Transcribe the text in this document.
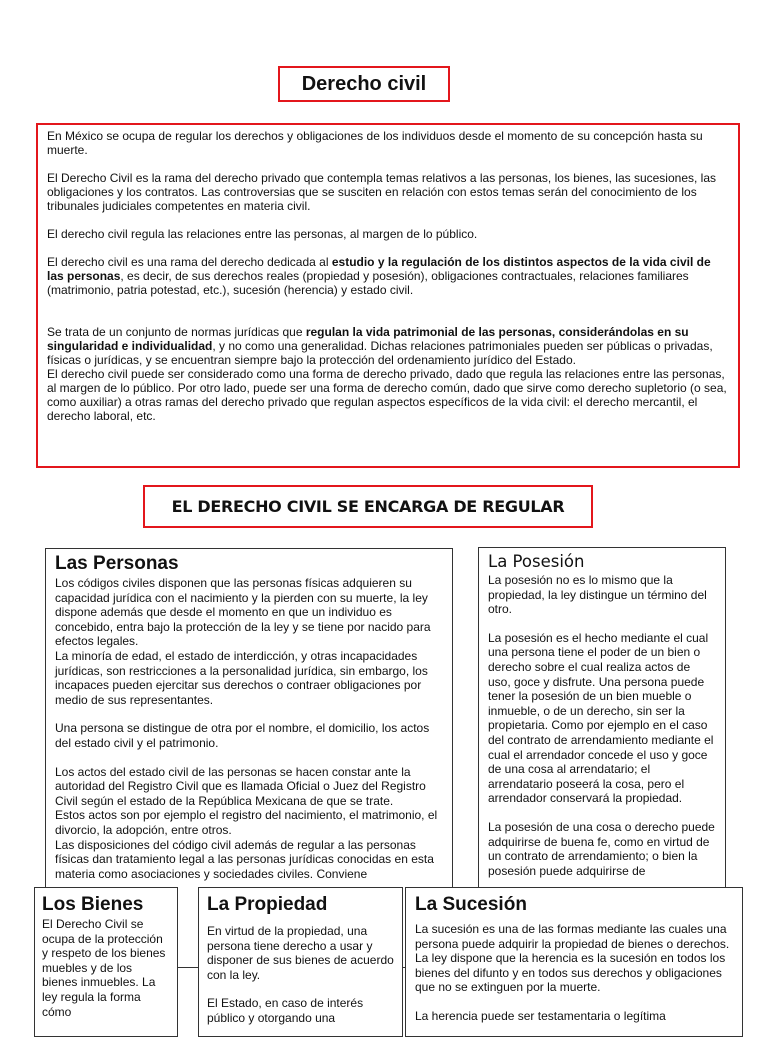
Derecho civil

En México se ocupa de regular los derechos y obligaciones de los individuos desde el momento de su concepción hasta su muerte.

El Derecho Civil es la rama del derecho privado que contempla temas relativos a las personas, los bienes, las sucesiones, las obligaciones y los contratos. Las controversias que se susciten en relación con estos temas serán del conocimiento de los tribunales judiciales competentes en materia civil.

El derecho civil regula las relaciones entre las personas, al margen de lo público.

El derecho civil es una rama del derecho dedicada al estudio y la regulación de los distintos aspectos de la vida civil de las personas, es decir, de sus derechos reales (propiedad y posesión), obligaciones contractuales, relaciones familiares (matrimonio, patria potestad, etc.), sucesión (herencia) y estado civil.

Se trata de un conjunto de normas jurídicas que regulan la vida patrimonial de las personas, considerándolas en su singularidad e individualidad, y no como una generalidad. Dichas relaciones patrimoniales pueden ser públicas o privadas, físicas o jurídicas, y se encuentran siempre bajo la protección del ordenamiento jurídico del Estado.
El derecho civil puede ser considerado como una forma de derecho privado, dado que regula las relaciones entre las personas, al margen de lo público. Por otro lado, puede ser una forma de derecho común, dado que sirve como derecho supletorio (o sea, como auxiliar) a otras ramas del derecho privado que regulan aspectos específicos de la vida civil: el derecho mercantil, el derecho laboral, etc.

EL DERECHO CIVIL SE ENCARGA DE REGULAR
Las Personas

Los códigos civiles disponen que las personas físicas adquieren su capacidad jurídica con el nacimiento y la pierden con su muerte, la ley dispone además que desde el momento en que un individuo es concebido, entra bajo la protección de la ley y se tiene por nacido para efectos legales.

La minoría de edad, el estado de interdicción, y otras incapacidades jurídicas, son restricciones a la personalidad jurídica, sin embargo, los incapaces pueden ejercitar sus derechos o contraer obligaciones por medio de sus representantes.

Una persona se distingue de otra por el nombre, el domicilio, los actos del estado civil y el patrimonio.

Los actos del estado civil de las personas se hacen constar ante la autoridad del Registro Civil que es llamada Oficial o Juez del Registro Civil según el estado de la República Mexicana de que se trate.

Estos actos son por ejemplo el registro del nacimiento, el matrimonio, el divorcio, la adopción, entre otros.

Las disposiciones del código civil además de regular a las personas físicas dan tratamiento legal a las personas jurídicas conocidas en esta materia como asociaciones y sociedades civiles. Conviene

La Posesión

La posesión no es lo mismo que la propiedad, la ley distingue un término del otro.

La posesión es el hecho mediante el cual una persona tiene el poder de un bien o derecho sobre el cual realiza actos de uso, goce y disfrute. Una persona puede tener la posesión de un bien mueble o inmueble, o de un derecho, sin ser la propietaria. Como por ejemplo en el caso del contrato de arrendamiento mediante el cual el arrendador concede el uso y goce de una cosa al arrendatario; el arrendatario poseerá la cosa, pero el arrendador conservará la propiedad.

La posesión de una cosa o derecho puede adquirirse de buena fe, como en virtud de un contrato de arrendamiento; o bien la posesión puede adquirirse de

Los Bienes

El Derecho Civil se ocupa de la protección y respeto de los bienes muebles y de los bienes inmuebles. La ley regula la forma cómo

La Propiedad

En virtud de la propiedad, una persona tiene derecho a usar y disponer de sus bienes de acuerdo con la ley.

El Estado, en caso de interés público y otorgando una

La Sucesión

La sucesión es una de las formas mediante las cuales una persona puede adquirir la propiedad de bienes o derechos. La ley dispone que la herencia es la sucesión en todos los bienes del difunto y en todos sus derechos y obligaciones que no se extinguen por la muerte.

La herencia puede ser testamentaria o legítima
